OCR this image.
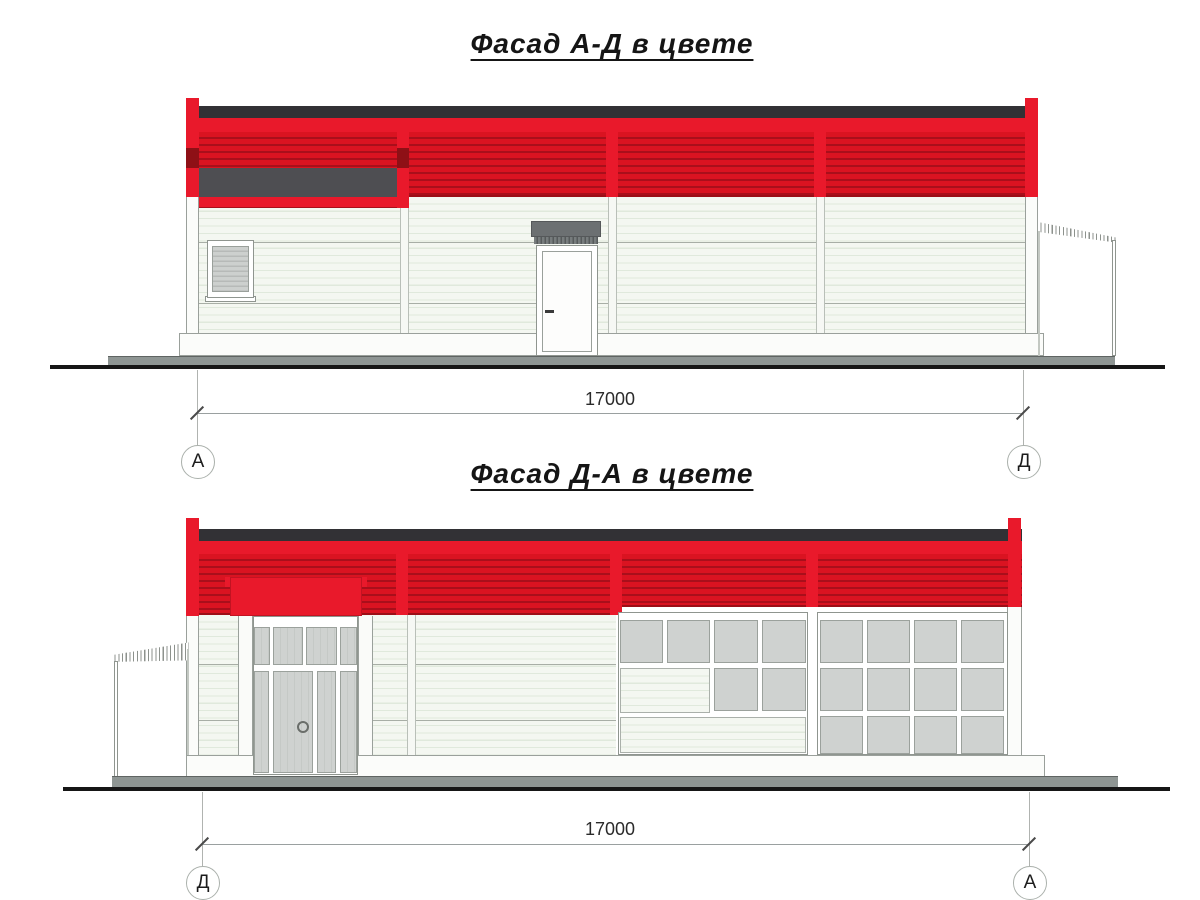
Фасад А-Д в цвете
17000
А	Д
Фасад Д-А в цвете
17000
Д	А
